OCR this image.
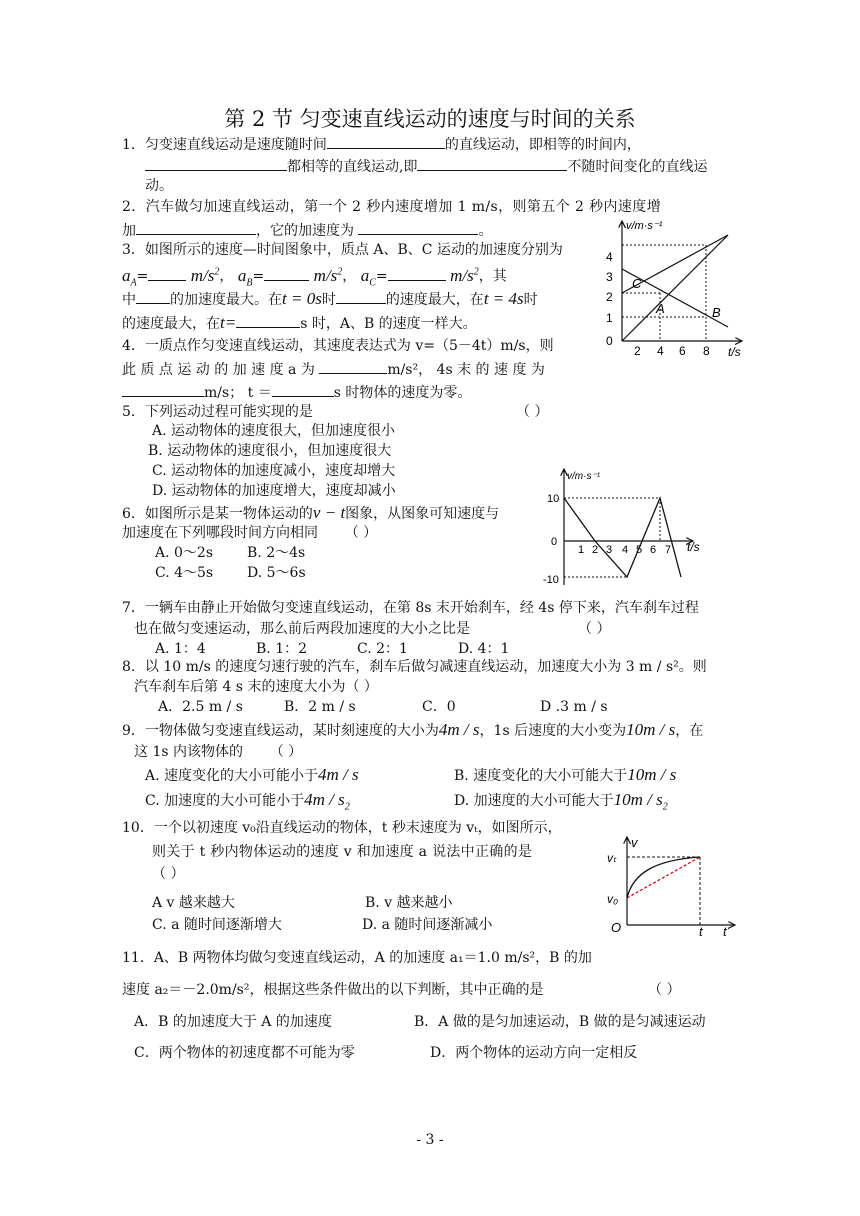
第 2 节 匀变速直线运动的速度与时间的关系
1．匀变速直线运动是速度随时间	的直线运动，即相等的时间内，
都相等的直线运动,即	不随时间变化的直线运
动。
2．汽车做匀加速直线运动，第一个 2 秒内速度增加 1 m/s，则第五个 2 秒内速度增
加	，它的加速度为	。
3．如图所示的速度—时间图象中，质点 A、B、C 运动的加速度分别为
$a_A= m/s^2$， $a_B=$	$m/s^2$， $a_C=$	$m/s^2$，其
中 的加速度最大。在t = 0s时	的速度最大，在t = 4s时
的速度最大，在t=	s 时，A、B 的速度一样大。
v/m·s⁻¹
t/s
4
3
2
1
0
2 4 6 8
C
A	B
4．一质点作匀变速直线运动，其速度表达式为 v=（5－4t）m/s，则
此 质 点 运 动 的 加 速 度 a 为	m/s²， 4s 末 的 速 度 为
m/s； t ＝	s 时物体的速度为零。
5．下列运动过程可能实现的是	（ ）
A. 运动物体的速度很大，但加速度很小
B. 运动物体的速度很小，但加速度很大
C. 运动物体的加速度减小，速度却增大
D. 运动物体的加速度增大，速度却减小
v/m·s⁻¹
t/s
10
0
-10
1 2 3 4 5 6 7
6．如图所示是某一物体运动的v − t图象，从图象可知速度与
加速度在下列哪段时间方向相同 （ ）
A. 0～2s B. 2～4s
C. 4～5s D. 5～6s
7．一辆车由静止开始做匀变速直线运动，在第 8s 末开始刹车，经 4s 停下来，汽车刹车过程
也在做匀变速运动，那么前后两段加速度的大小之比是	（ ）
A. 1：4	B. 1：2	C. 2：1	D. 4：1
8．以 10 m/s 的速度匀速行驶的汽车，刹车后做匀减速直线运动，加速度大小为 3 m / s²。则
汽车刹车后第 4 s 末的速度大小为（ ）
A．2.5 m / s	B．2 m / s	C．0	D .3 m / s
9．一物体做匀变速直线运动，某时刻速度的大小为4m / s，1s 后速度的大小变为10m / s，在
这 1s 内该物体的 （ ）
A. 速度变化的大小可能小于4m / s	B. 速度变化的大小可能大于10m / s
C. 加速度的大小可能小于$4m / s_2$	D. 加速度的大小可能大于$10m / s_2$
10．一个以初速度 v₀沿直线运动的物体，t 秒末速度为 vₜ，如图所示，
则关于 t 秒内物体运动的速度 v 和加速度 a 说法中正确的是
（ ）
A v 越来越大	B. v 越来越小
C. a 随时间逐渐增大	D. a 随时间逐渐减小
v
vₜ
v₀
O	t t
11．A、B 两物体均做匀变速直线运动，A 的加速度 a₁＝1.0 m/s²，B 的加
速度 a₂＝－2.0m/s²，根据这些条件做出的以下判断，其中正确的是	（ ）
A．B 的加速度大于 A 的加速度	B．A 做的是匀加速运动，B 做的是匀减速运动
C．两个物体的初速度都不可能为零	D．两个物体的运动方向一定相反
- 3 -
